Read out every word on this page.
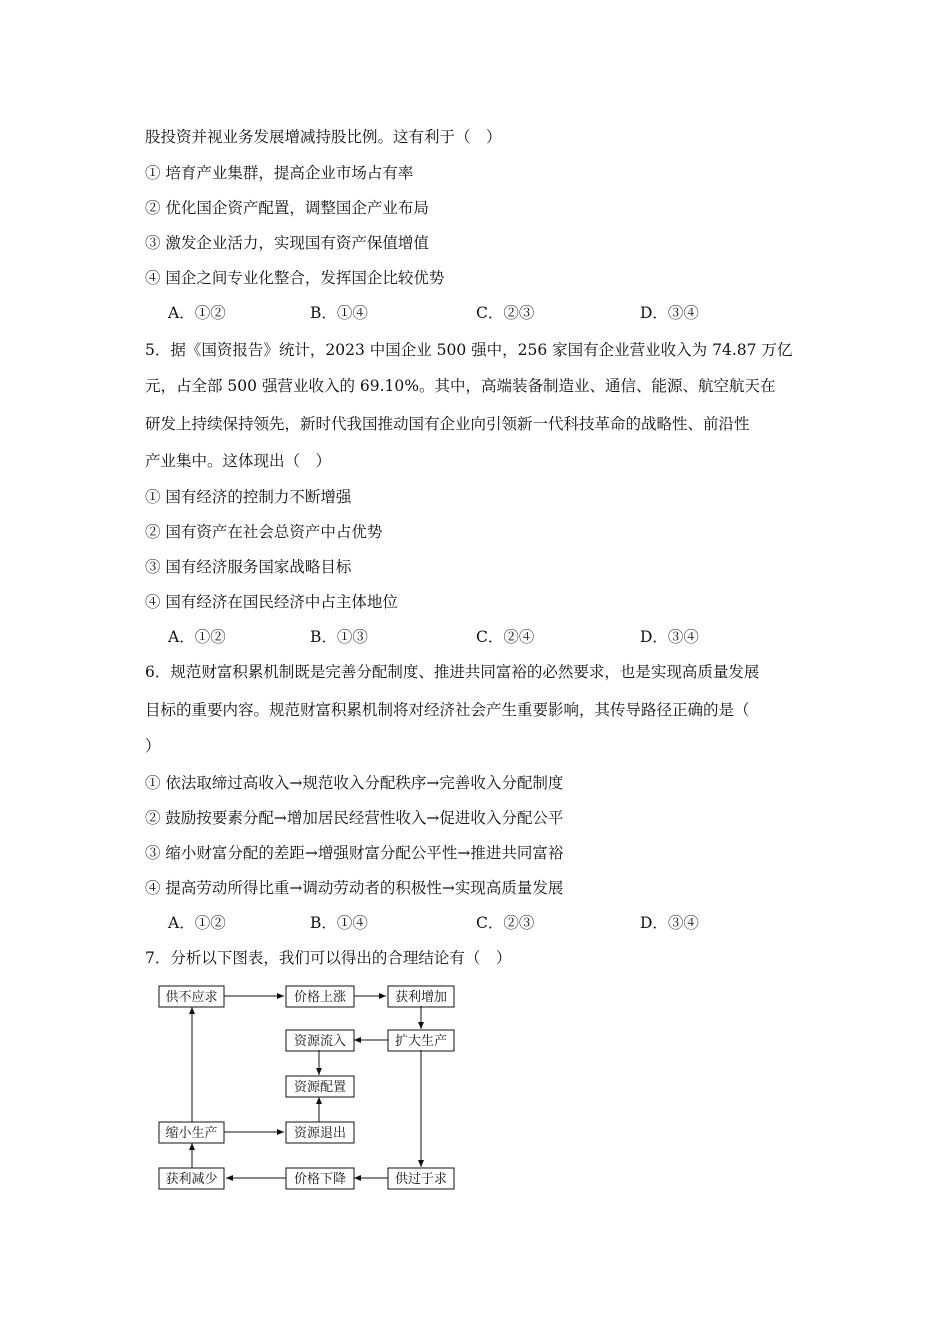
股投资并视业务发展增减持股比例。这有利于（　）
① 培育产业集群，提高企业市场占有率
② 优化国企资产配置，调整国企产业布局
③ 激发企业活力，实现国有资产保值增值
④ 国企之间专业化整合，发挥国企比较优势
A．①②	B．①④	C．②③	D．③④
5．据《国资报告》统计，2023 中国企业 500 强中，256 家国有企业营业收入为 74.87 万亿
元，占全部 500 强营业收入的 69.10%。其中，高端装备制造业、通信、能源、航空航天在
研发上持续保持领先，新时代我国推动国有企业向引领新一代科技革命的战略性、前沿性
产业集中。这体现出（　）
① 国有经济的控制力不断增强
② 国有资产在社会总资产中占优势
③ 国有经济服务国家战略目标
④ 国有经济在国民经济中占主体地位
A．①②	B．①③	C．②④	D．③④
6．规范财富积累机制既是完善分配制度、推进共同富裕的必然要求，也是实现高质量发展
目标的重要内容。规范财富积累机制将对经济社会产生重要影响，其传导路径正确的是（
）
① 依法取缔过高收入→规范收入分配秩序→完善收入分配制度
② 鼓励按要素分配→增加居民经营性收入→促进收入分配公平
③ 缩小财富分配的差距→增强财富分配公平性→推进共同富裕
④ 提高劳动所得比重→调动劳动者的积极性→实现高质量发展
A．①②	B．①④	C．②③	D．③④
7．分析以下图表，我们可以得出的合理结论有（　）
供不应求	价格上涨	获利增加
资源流入	扩大生产
资源配置
缩小生产	资源退出
获利减少	价格下降	供过于求
